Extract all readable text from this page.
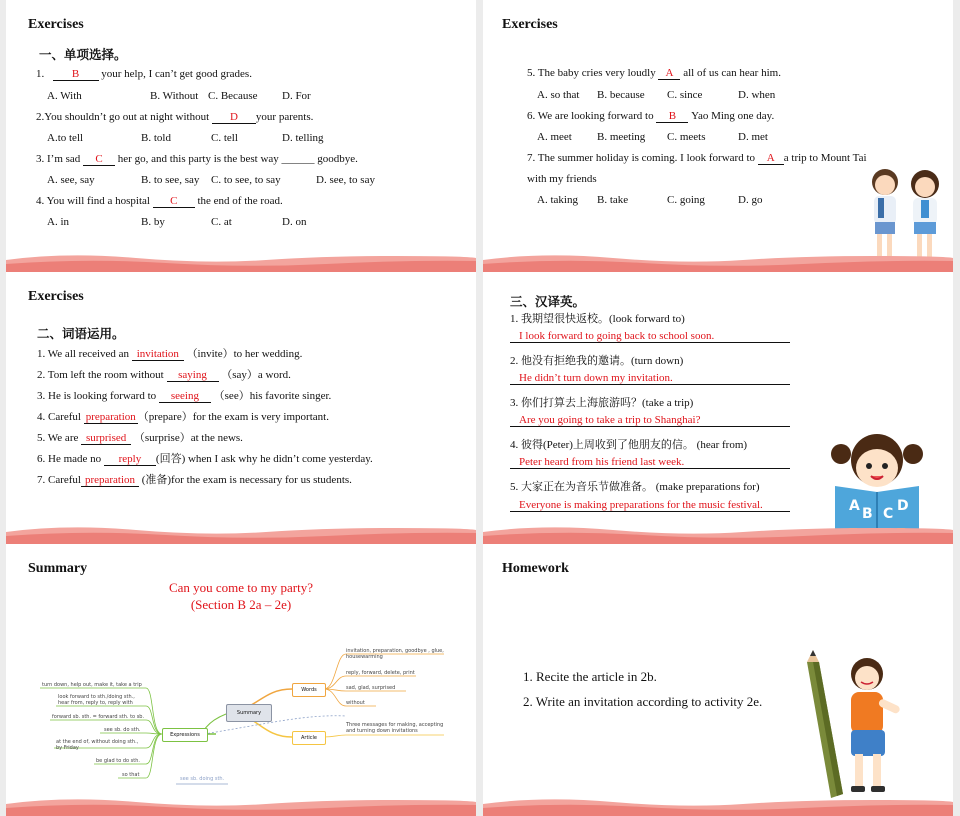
Exercises
一、单项选择。
1.	B your help, I can’t get good grades.
A. With	B. Without C. Because D. For
2.You shouldn’t go out at night without D your parents.
A.to tell	B. told	C. tell	D. telling
3. I’m sad C her go, and this party is the best way ______ goodbye.
A. see, say	B. to see, say C. to see, to say	D. see, to say
4. You will find a hospital C the end of the road.
A. in	B. by	C. at	D. on
Exercises
5. The baby cries very loudly A all of us can hear him.
A. so that B. because C. since	D. when
6. We are looking forward to B Yao Ming one day.
A. meet B. meeting C. meets	D. met
7. The summer holiday is coming. I look forward to A a trip to Mount Tai
with my friends
A. taking B. take	C. going	D. go
Exercises
二、词语运用。
1. We all received an invitation （invite）to her wedding.
2. Tom left the room without saying （say）a word.
3. He is looking forward to seeing （see）his favorite singer.
4. Careful preparation （prepare）for the exam is very important.
5. We are surprised （surprise）at the news.
6. He made no reply (回答) when I ask why he didn’t come yesterday.
7. Careful preparation (准备)for the exam is necessary for us students.
三、汉译英。
1. 我期望很快返校。(look forward to)
I look forward to going back to school soon.
2. 他没有拒绝我的邀请。(turn down)
He didn’t turn down my invitation.
3. 你们打算去上海旅游吗？(take a trip)
Are you going to take a trip to Shanghai?
4. 彼得(Peter)上周收到了他朋友的信。 (hear from)
Peter heard from his friend last week.
5. 大家正在为音乐节做准备。 (make preparations for)
Everyone is making preparations for the music festival.	A B C D
Summary
Can you come to my party?
(Section B 2a – 2e)
Summary
Words
Article
Expressions
invitation, preparation, goodbye , glue,
housewarming
reply, forward, delete, print
sad, glad, surprised
without
Three messages for making, accepting
and turning down invitations
turn down, help out, make it, take a trip
look forward to sth./doing sth.,
hear from, reply to, reply with
forward sb. sth. = forward sth. to sb.
see sb. do sth.
at the end of, without doing sth.,
by Friday
be glad to do sth.
so that
see sb. doing sth.
Homework
1. Recite the article in 2b.
2. Write an invitation according to activity 2e.
